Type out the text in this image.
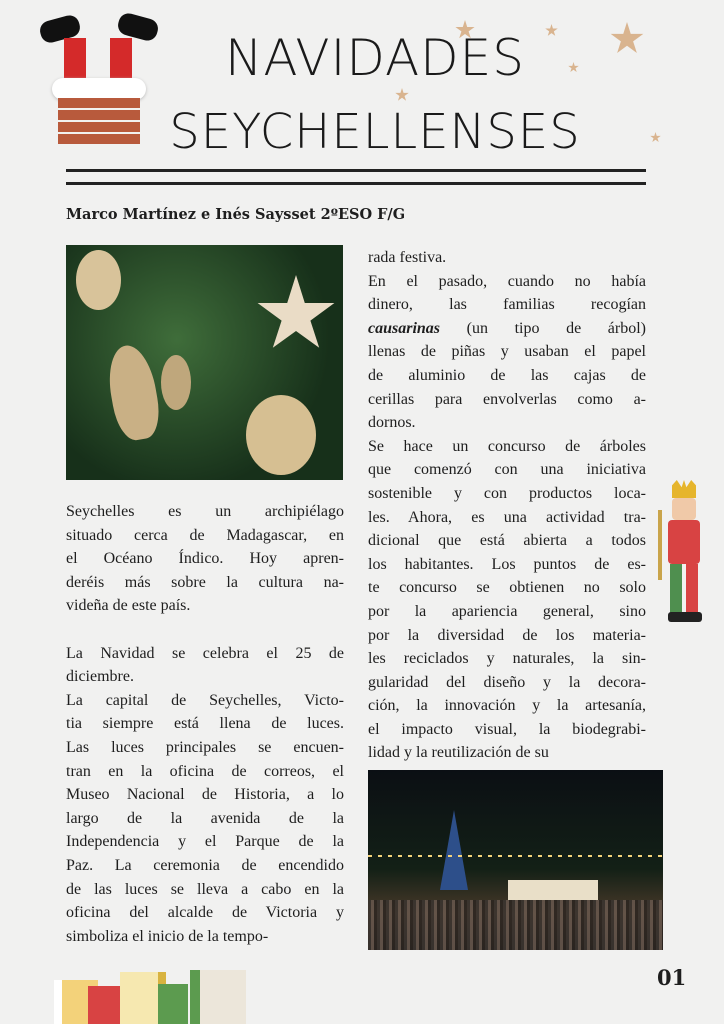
NAVIDADES
SEYCHELLENSES
Marco Martínez e Inés Saysset 2ºESO F/G
Seychelles es un archipiélago
situado cerca de Madagascar, en
el Océano Índico. Hoy apren-
deréis más sobre la cultura na-
videña de este país.
La Navidad se celebra el 25 de
diciembre.
La capital de Seychelles, Victo-
tia siempre está llena de luces.
Las luces principales se encuen-
tran en la oficina de correos, el
Museo Nacional de Historia, a lo
largo de la avenida de la
Independencia y el Parque de la
Paz. La ceremonia de encendido
de las luces se lleva a cabo en la
oficina del alcalde de Victoria y
simboliza el inicio de la tempo-
rada festiva.
En el pasado, cuando no había
dinero, las familias recogían
causarinas (un tipo de árbol)
llenas de piñas y usaban el papel
de aluminio de las cajas de
cerillas para envolverlas como a-
dornos.
Se hace un concurso de árboles
que comenzó con una iniciativa
sostenible y con productos loca-
les. Ahora, es una actividad tra-
dicional que está abierta a todos
los habitantes. Los puntos de es-
te concurso se obtienen no solo
por la apariencia general, sino
por la diversidad de los materia-
les reciclados y naturales, la sin-
gularidad del diseño y la decora-
ción, la innovación y la artesanía,
el impacto visual, la biodegrabi-
lidad y la reutilización de su
01
